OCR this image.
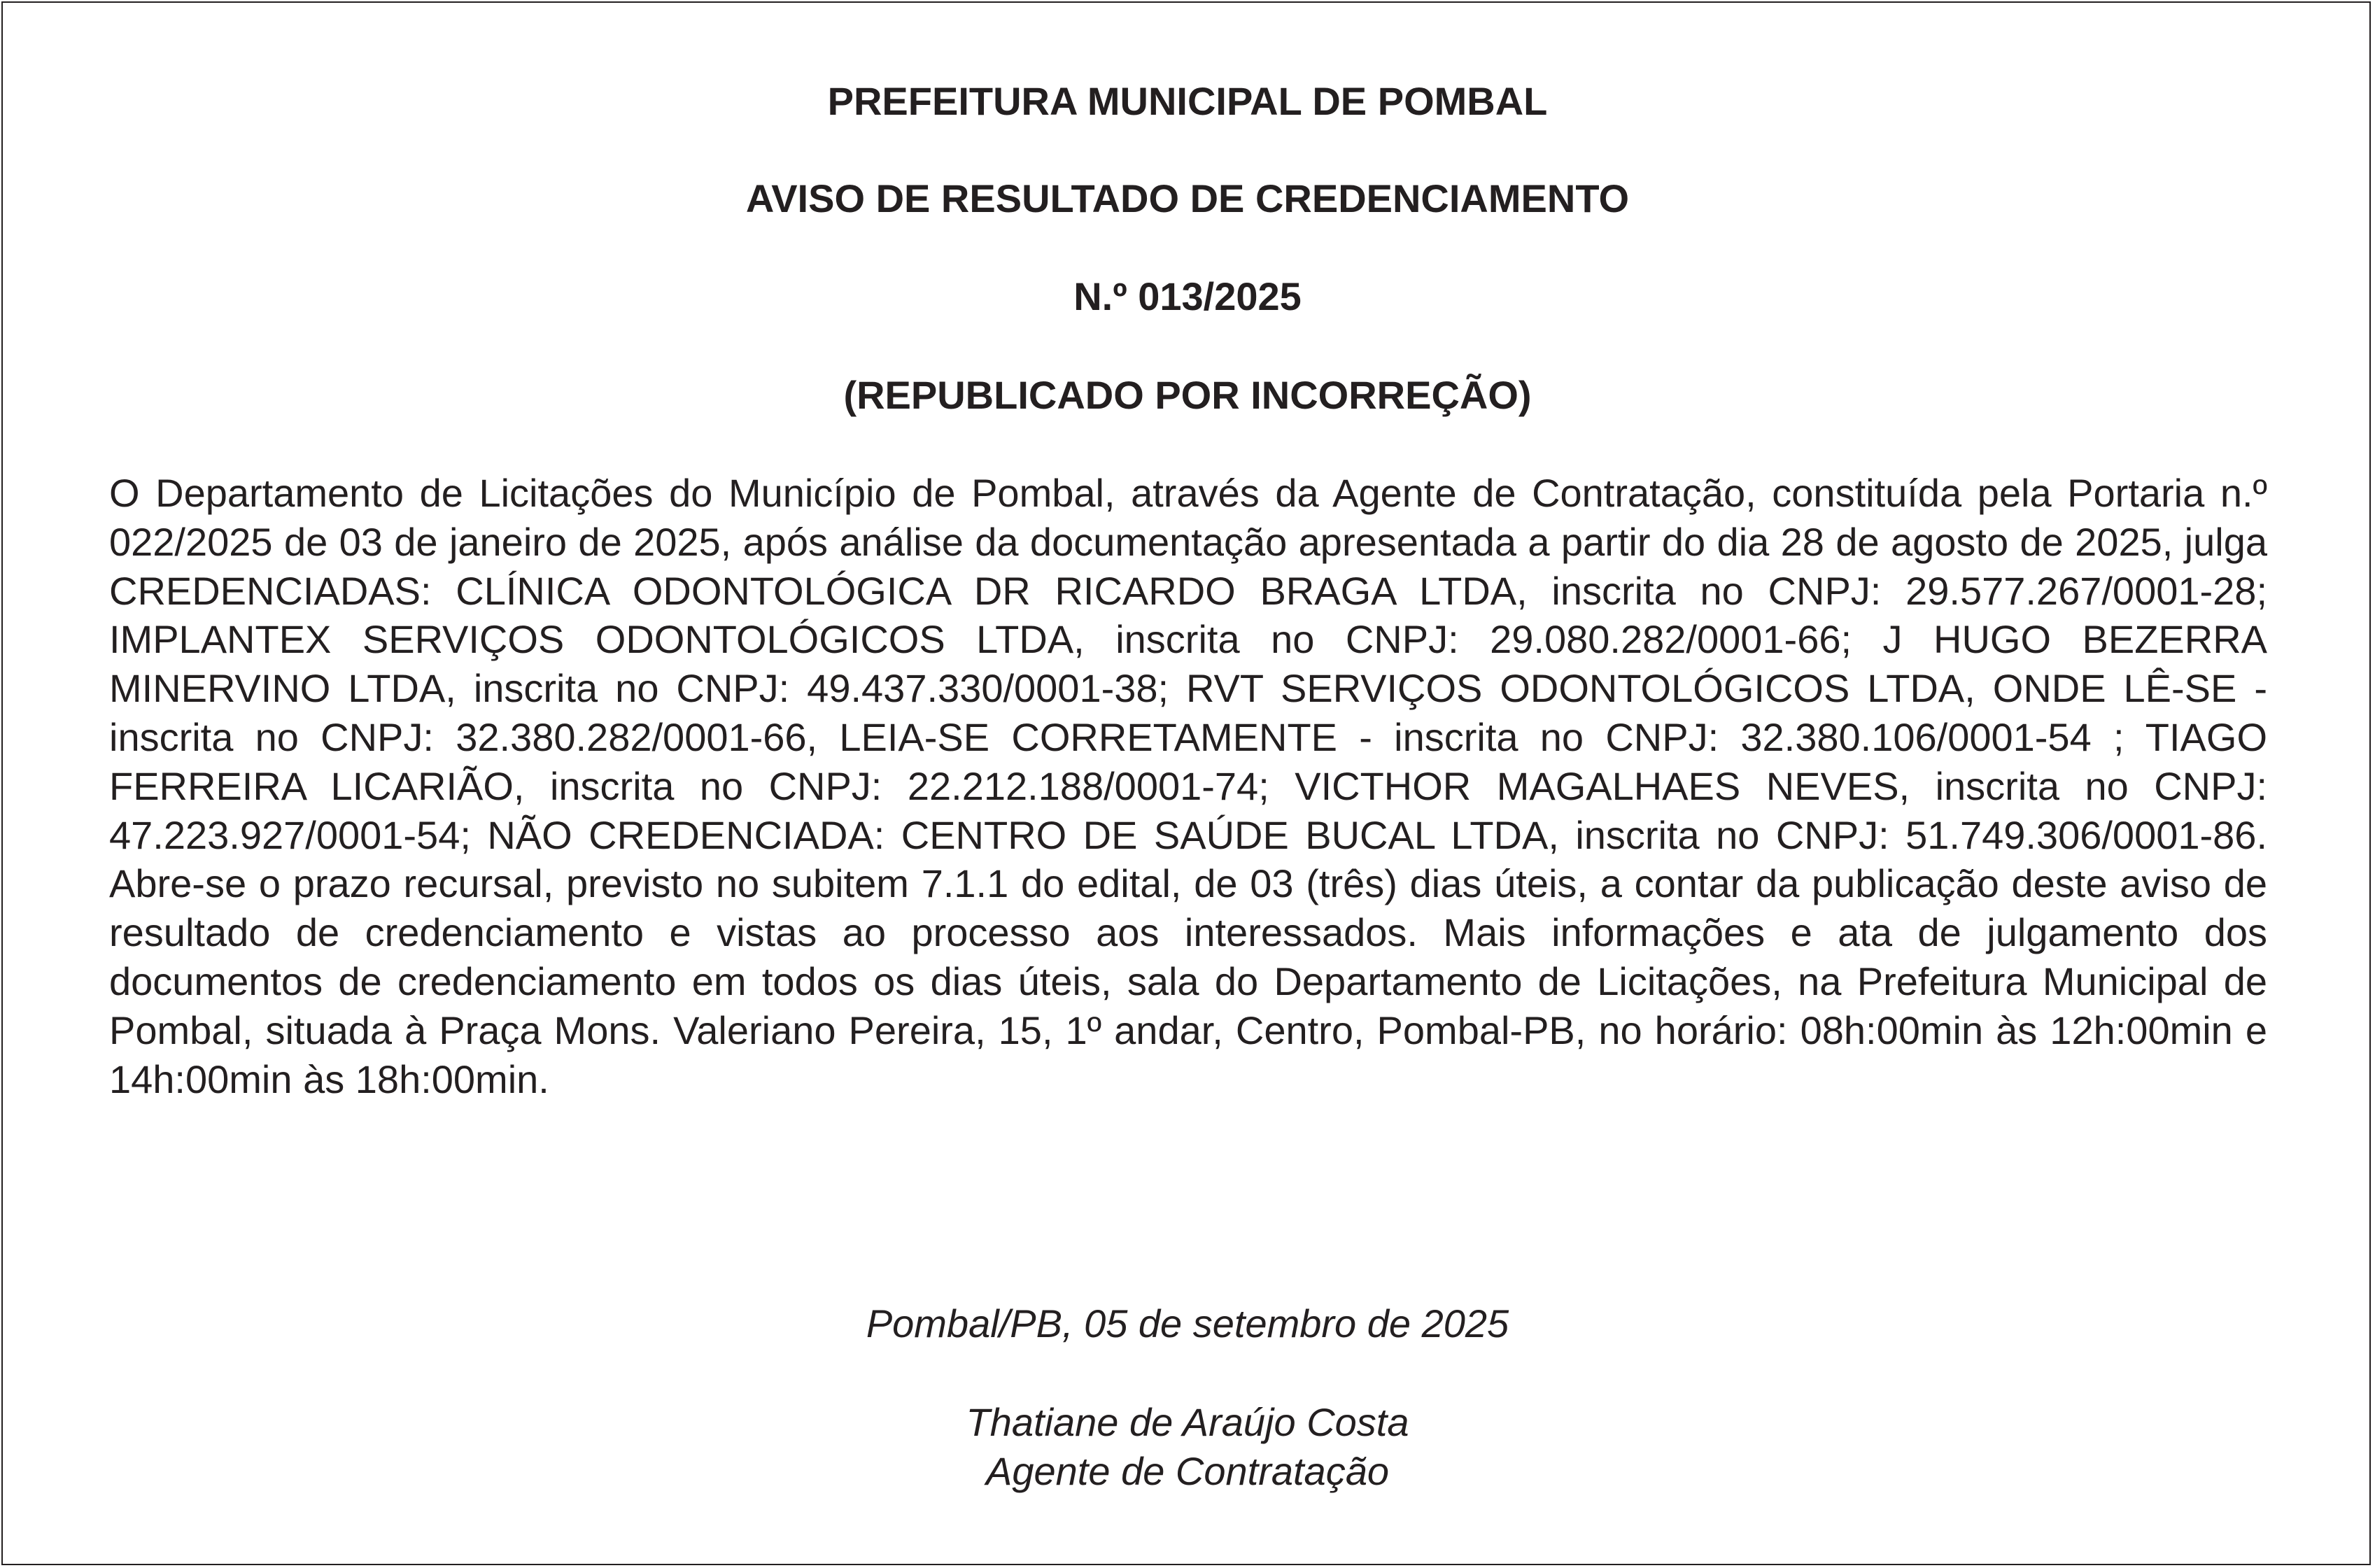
PREFEITURA MUNICIPAL DE POMBAL
AVISO DE RESULTADO DE CREDENCIAMENTO
N.º 013/2025
(REPUBLICADO POR INCORREÇÃO)
O Departamento de Licitações do Município de Pombal, através da Agente de Contratação, constituída pela Portaria n.º 022/2025 de 03 de janeiro de 2025, após análise da documentação apresentada a partir do dia 28 de agosto de 2025, julga CREDENCIADAS: CLÍNICA ODONTOLÓGICA DR RICARDO BRAGA LTDA, inscrita no CNPJ: 29.577.267/0001-28; IMPLANTEX SERVIÇOS ODONTOLÓGICOS LTDA, inscrita no CNPJ: 29.080.282/0001-66; J HUGO BEZERRA MINERVINO LTDA, inscrita no CNPJ: 49.437.330/0001-38; RVT SERVIÇOS ODONTOLÓGICOS LTDA, ONDE LÊ-SE - inscrita no CNPJ: 32.380.282/0001-66, LEIA-SE CORRETAMENTE - inscrita no CNPJ: 32.380.106/0001-54 ; TIAGO FERREIRA LICARIÃO, inscrita no CNPJ: 22.212.188/0001-74; VICTHOR MAGALHAES NEVES, inscrita no CNPJ: 47.223.927/0001-54; NÃO CREDENCIADA: CENTRO DE SAÚDE BUCAL LTDA, inscrita no CNPJ: 51.749.306/0001-86. Abre-se o prazo recursal, previsto no subitem 7.1.1 do edital, de 03 (três) dias úteis, a contar da publicação deste aviso de resultado de credenciamento e vistas ao processo aos interessados. Mais informações e ata de julgamento dos documentos de credenciamento em todos os dias úteis, sala do Departamento de Licitações, na Prefeitura Municipal de Pombal, situada à Praça Mons. Valeriano Pereira, 15, 1º andar, Centro, Pombal-PB, no horário: 08h:00min às 12h:00min e 14h:00min às 18h:00min.
Pombal/PB, 05 de setembro de 2025
Thatiane de Araújo Costa
Agente de Contratação
